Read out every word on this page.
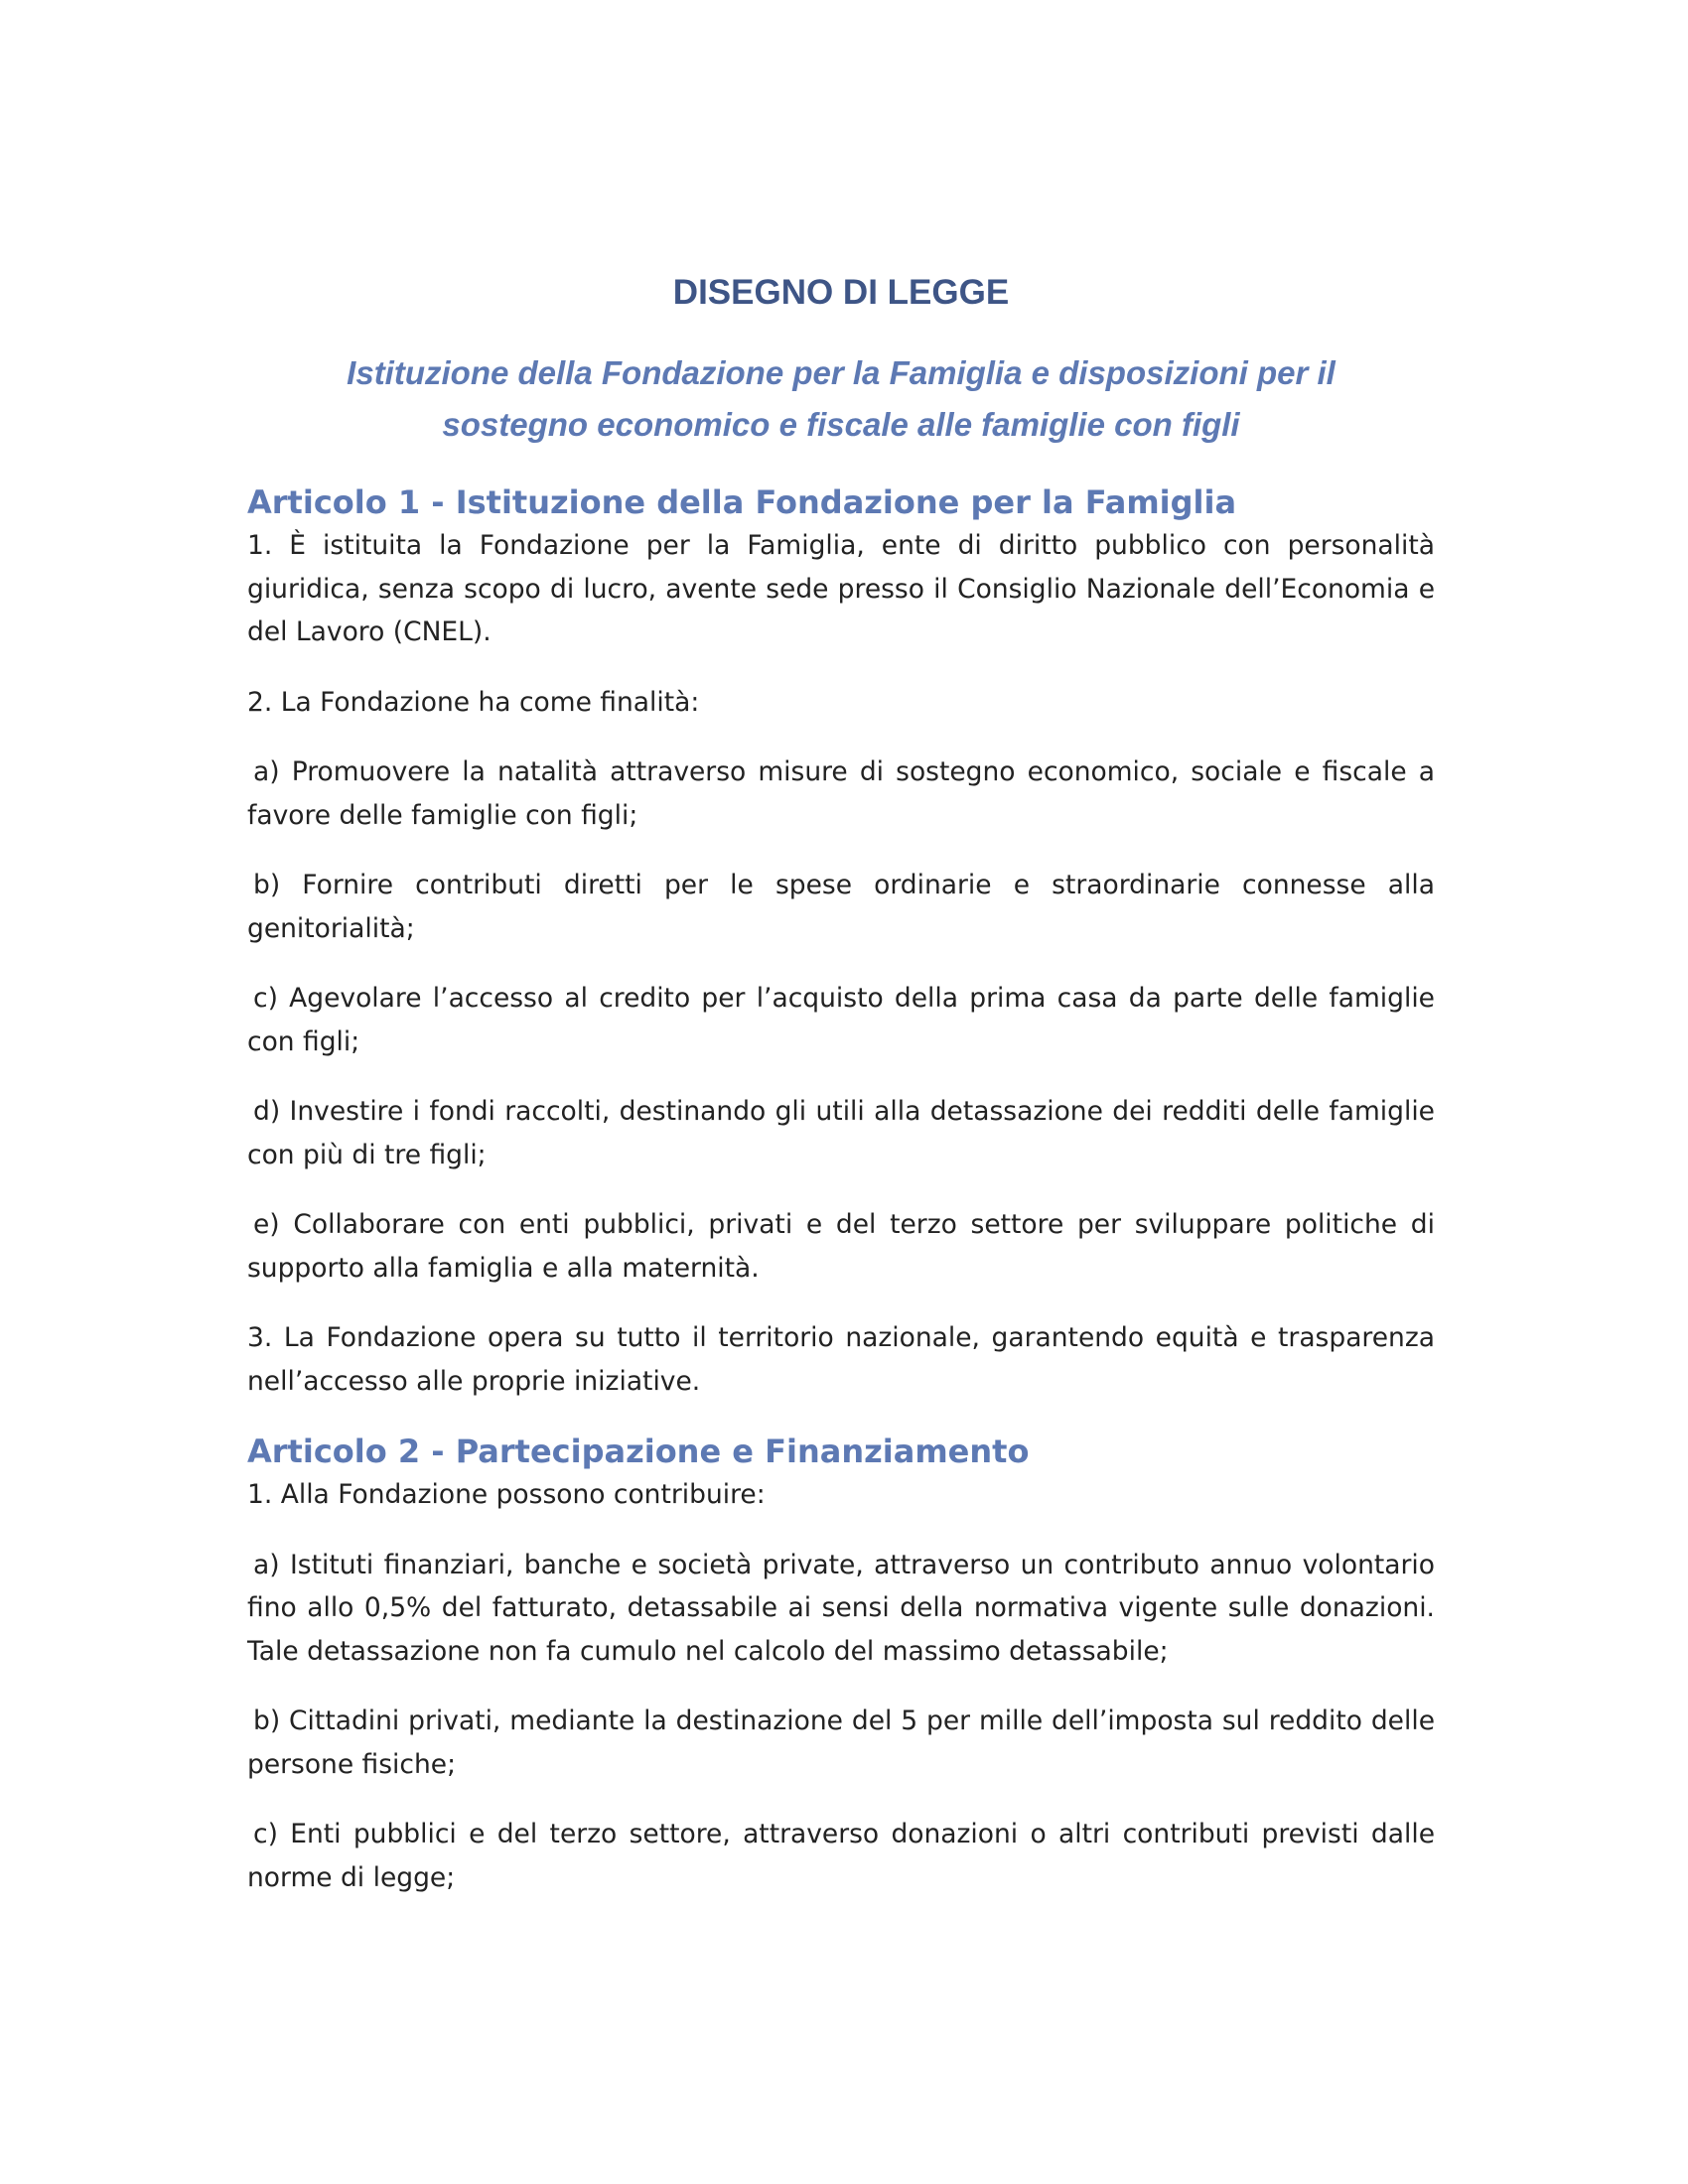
DISEGNO DI LEGGE
Istituzione della Fondazione per la Famiglia e disposizioni per il sostegno economico e fiscale alle famiglie con figli
Articolo 1 - Istituzione della Fondazione per la Famiglia

1. È istituita la Fondazione per la Famiglia, ente di diritto pubblico con personalità giuridica, senza scopo di lucro, avente sede presso il Consiglio Nazionale dell’Economia e del Lavoro (CNEL).

2. La Fondazione ha come finalità:

a) Promuovere la natalità attraverso misure di sostegno economico, sociale e fiscale a favore delle famiglie con figli;

b) Fornire contributi diretti per le spese ordinarie e straordinarie connesse alla genitorialità;

c) Agevolare l’accesso al credito per l’acquisto della prima casa da parte delle famiglie con figli;

d) Investire i fondi raccolti, destinando gli utili alla detassazione dei redditi delle famiglie con più di tre figli;

e) Collaborare con enti pubblici, privati e del terzo settore per sviluppare politiche di supporto alla famiglia e alla maternità.

3. La Fondazione opera su tutto il territorio nazionale, garantendo equità e trasparenza nell’accesso alle proprie iniziative.

Articolo 2 - Partecipazione e Finanziamento

1. Alla Fondazione possono contribuire:

a) Istituti finanziari, banche e società private, attraverso un contributo annuo volontario fino allo 0,5% del fatturato, detassabile ai sensi della normativa vigente sulle donazioni. Tale detassazione non fa cumulo nel calcolo del massimo detassabile;

b) Cittadini privati, mediante la destinazione del 5 per mille dell’imposta sul reddito delle persone fisiche;

c) Enti pubblici e del terzo settore, attraverso donazioni o altri contributi previsti dalle norme di legge;
